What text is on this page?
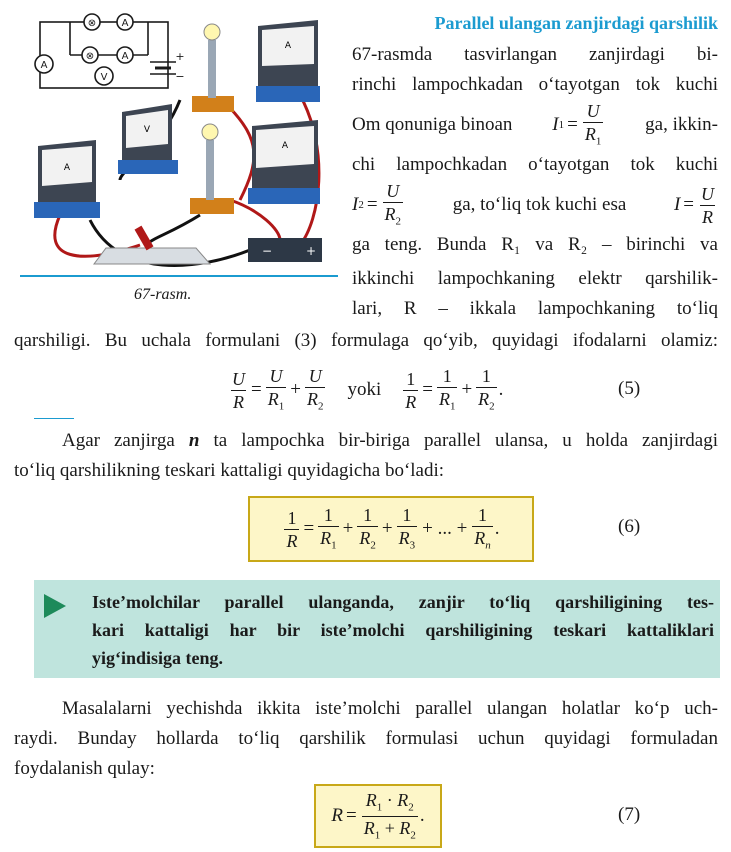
⊗	A
⊗	A
A
V
+
−
A
V
A
A
−	+
67-rasm.
Parallel ulangan zanjirdagi qarshilik
67-rasmda tasvirlangan zanjirdagi bi-
rinchi lampochkadan o‘tayotgan tok kuchi
Om qonuniga binoan I $1 = \frac{U}{R_1}$ ga, ikkin-
chi lampochkadan o‘tayotgan tok kuchi
I $2 = \frac{U}{R_2}$	ga, to‘liq tok kuchi esa	$I = \frac{U}{R}$
ga teng. Bunda R₁ va R₂ – birinchi va
ikkinchi lampochkaning elektr qarshilik-
lari, R – ikkala lampochkaning to‘liq
qarshiligi. Bu uchala formulani (3) formulaga qo‘yib, quyidagi ifodalarni olamiz:
$\frac{U}{R} = \frac{U}{R_1} + \frac{U}{R_2}$ yoki $\frac{1}{R} = \frac{1}{R_1} + \frac{1}{R_2}$ .	(5)
Agar zanjirga n ta lampochka bir-biriga parallel ulansa, u holda zanjirdagi
to‘liq qarshilikning teskari kattaligi quyidagicha bo‘ladi:
$\frac{1}{R} = \frac{1}{R_1} + \frac{1}{R_2} + \frac{1}{R_3}$ + ... + $\frac{1}{R_n}$ .	(6)
Iste’molchilar parallel ulanganda, zanjir to‘liq qarshiligining tes-
kari kattaligi har bir iste’molchi qarshiligining teskari kattaliklari
yig‘indisiga teng.
Masalalarni yechishda ikkita iste’molchi parallel ulangan holatlar ko‘p uch-
raydi. Bunday hollarda to‘liq qarshilik formulasi uchun quyidagi formuladan
foydalanish qulay:
$R = \frac{R_1 \cdot R_2}{R_1 + R_2}$ .	(7)
